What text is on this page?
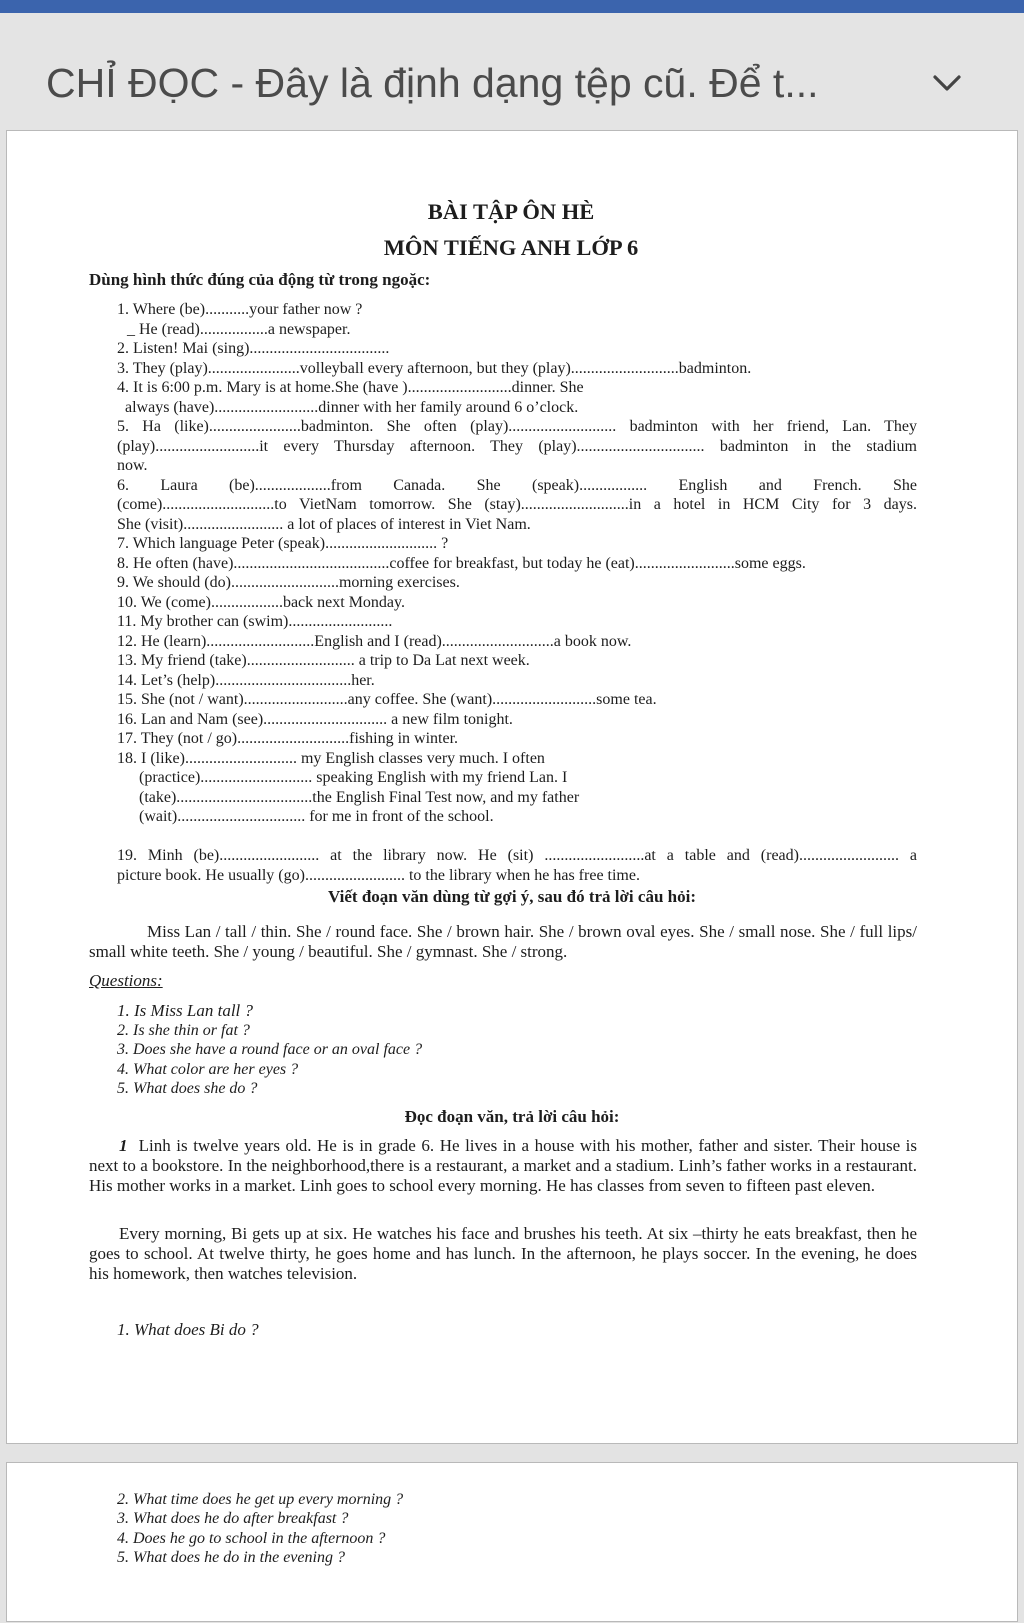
CHỈ ĐỌC - Đây là định dạng tệp cũ. Để t...
BÀI TẬP ÔN HÈ
MÔN TIẾNG ANH LỚP 6
Dùng hình thức đúng của động từ trong ngoặc:
1. Where (be)...........your father now ?
_ He (read).................a newspaper.
2. Listen! Mai (sing)...................................
3. They (play).......................volleyball every afternoon, but they (play)...........................badminton.
4. It is 6:00 p.m. Mary is at home.She (have )..........................dinner. She
always (have)..........................dinner with her family around 6 o’clock.
5. Ha (like).......................badminton. She often (play)........................... badminton with her friend, Lan. They
(play)..........................it every Thursday afternoon. They (play)................................ badminton in the stadium
now.
6. Laura (be)...................from Canada. She (speak)................. English and French. She
(come)............................to VietNam tomorrow. She (stay)...........................in a hotel in HCM City for 3 days.
She (visit)......................... a lot of places of interest in Viet Nam.
7. Which language Peter (speak)............................ ?
8. He often (have).......................................coffee for breakfast, but today he (eat).........................some eggs.
9. We should (do)...........................morning exercises.
10. We (come)..................back next Monday.
11. My brother can (swim)..........................
12. He (learn)...........................English and I (read)............................a book now.
13. My friend (take)........................... a trip to Da Lat next week.
14. Let’s (help)..................................her.
15. She (not / want)..........................any coffee. She (want)..........................some tea.
16. Lan and Nam (see)............................... a new film tonight.
17. They (not / go)............................fishing in winter.
18. I (like)............................ my English classes very much. I often
(practice)............................ speaking English with my friend Lan. I
(take)..................................the English Final Test now, and my father
(wait)................................ for me in front of the school.
19. Minh (be)......................... at the library now. He (sit) .........................at a table and (read)......................... a
picture book. He usually (go)......................... to the library when he has free time.
Viết đoạn văn dùng từ gợi ý, sau đó trả lời câu hỏi:
Miss Lan / tall / thin. She / round face. She / brown hair. She / brown oval eyes. She / small nose. She / full lips/ small white teeth. She / young / beautiful. She / gymnast. She / strong.
Questions:
1. Is Miss Lan tall ?
2. Is she thin or fat ?
3. Does she have a round face or an oval face ?
4. What color are her eyes ?
5. What does she do ?
Đọc đoạn văn, trả lời câu hỏi:
1 Linh is twelve years old. He is in grade 6. He lives in a house with his mother, father and sister. Their house is next to a bookstore. In the neighborhood,there is a restaurant, a market and a stadium. Linh’s father works in a restaurant. His mother works in a market. Linh goes to school every morning. He has classes from seven to fifteen past eleven.
Every morning, Bi gets up at six. He watches his face and brushes his teeth. At six –thirty he eats breakfast, then he goes to school. At twelve thirty, he goes home and has lunch. In the afternoon, he plays soccer. In the evening, he does his homework, then watches television.
1. What does Bi do ?
2. What time does he get up every morning ?
3. What does he do after breakfast ?
4. Does he go to school in the afternoon ?
5. What does he do in the evening ?
